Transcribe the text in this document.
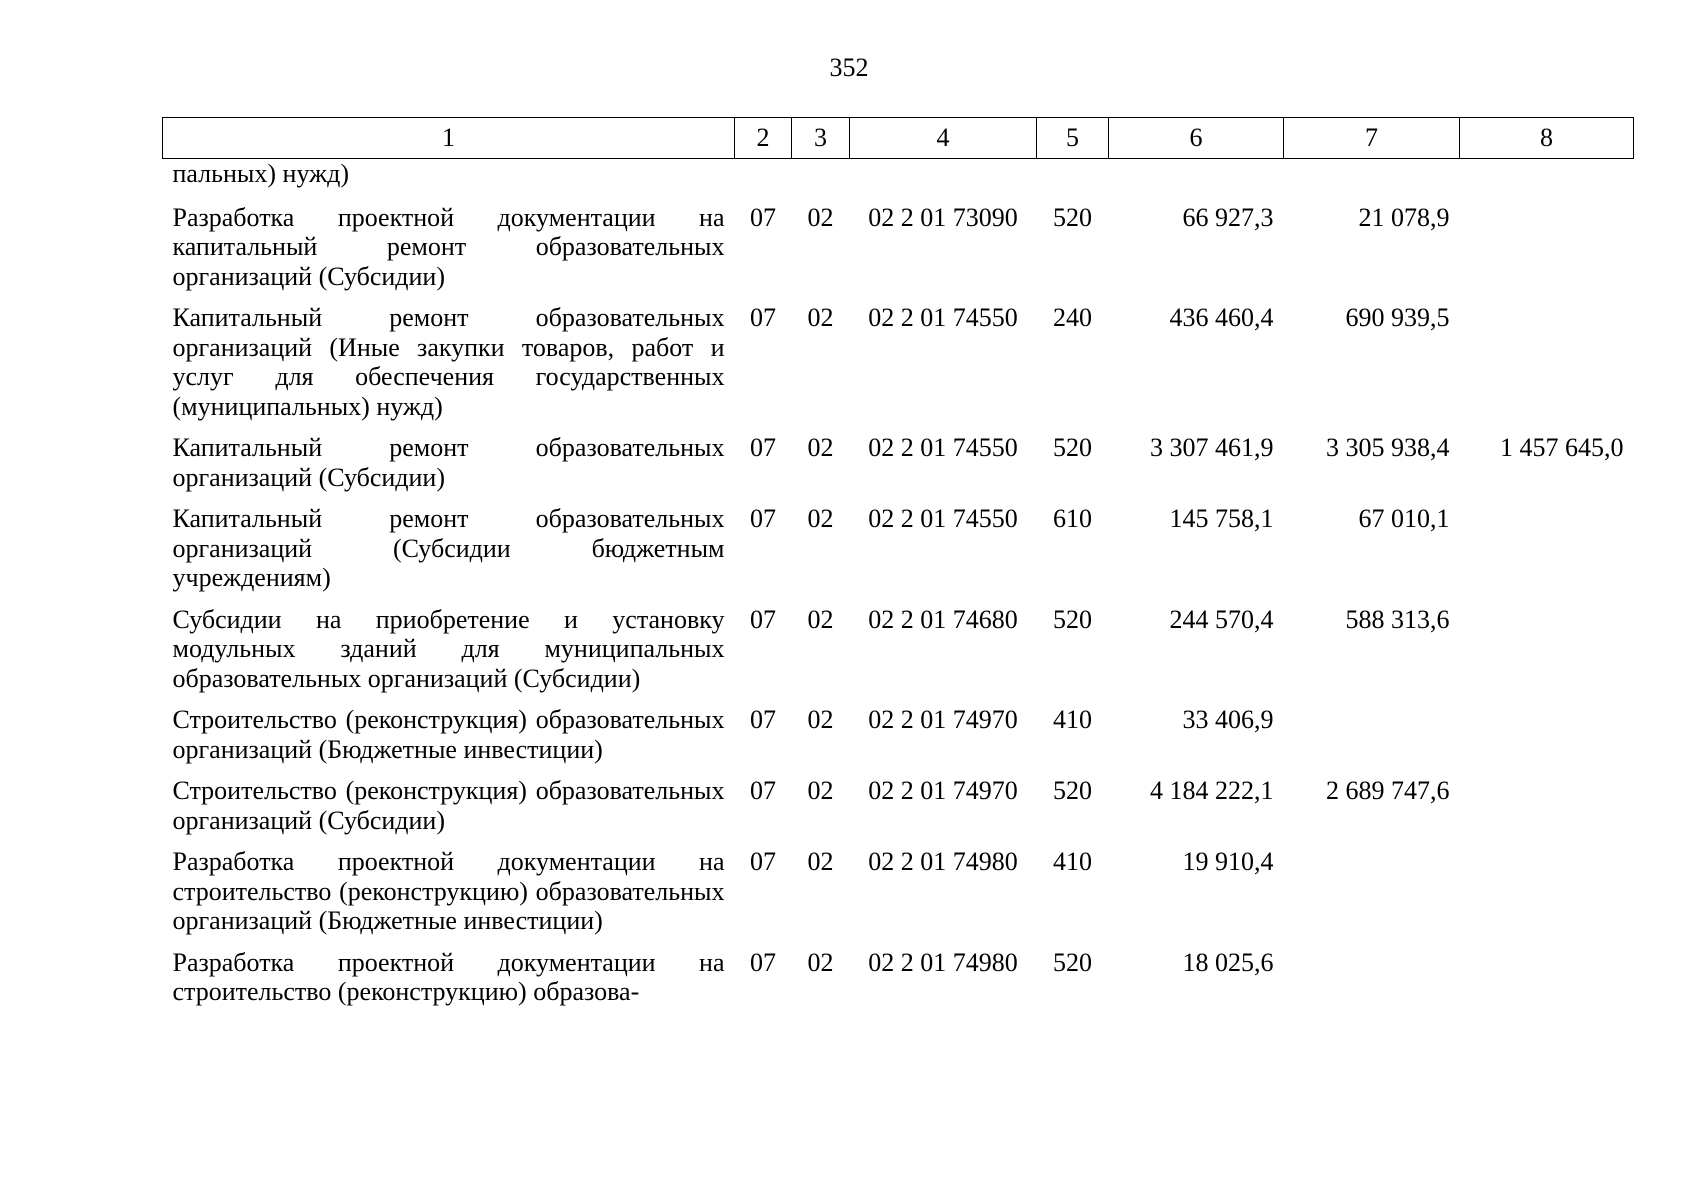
352
1	2	3	4	5	6	7	8
пальных) нужд)							
Разработка проектной документации на капитальный ремонт образовательных организаций (Субсидии)	07	02	02 2 01 73090	520	66 927,3	21 078,9	
Капитальный ремонт образовательных организаций (Иные закупки товаров, работ и услуг для обеспечения государственных (муниципальных) нужд)	07	02	02 2 01 74550	240	436 460,4	690 939,5	
Капитальный ремонт образовательных организаций (Субсидии)	07	02	02 2 01 74550	520	3 307 461,9	3 305 938,4	1 457 645,0
Капитальный ремонт образовательных организаций (Субсидии бюджетным учреждениям)	07	02	02 2 01 74550	610	145 758,1	67 010,1	
Субсидии на приобретение и установку модульных зданий для муниципальных образовательных организаций (Субсидии)	07	02	02 2 01 74680	520	244 570,4	588 313,6	
Строительство (реконструкция) образовательных организаций (Бюджетные инвестиции)	07	02	02 2 01 74970	410	33 406,9		
Строительство (реконструкция) образовательных организаций (Субсидии)	07	02	02 2 01 74970	520	4 184 222,1	2 689 747,6	
Разработка проектной документации на строительство (реконструкцию) образовательных организаций (Бюджетные инвестиции)	07	02	02 2 01 74980	410	19 910,4		
Разработка проектной документации на строительство (реконструкцию) образова-	07	02	02 2 01 74980	520	18 025,6		
